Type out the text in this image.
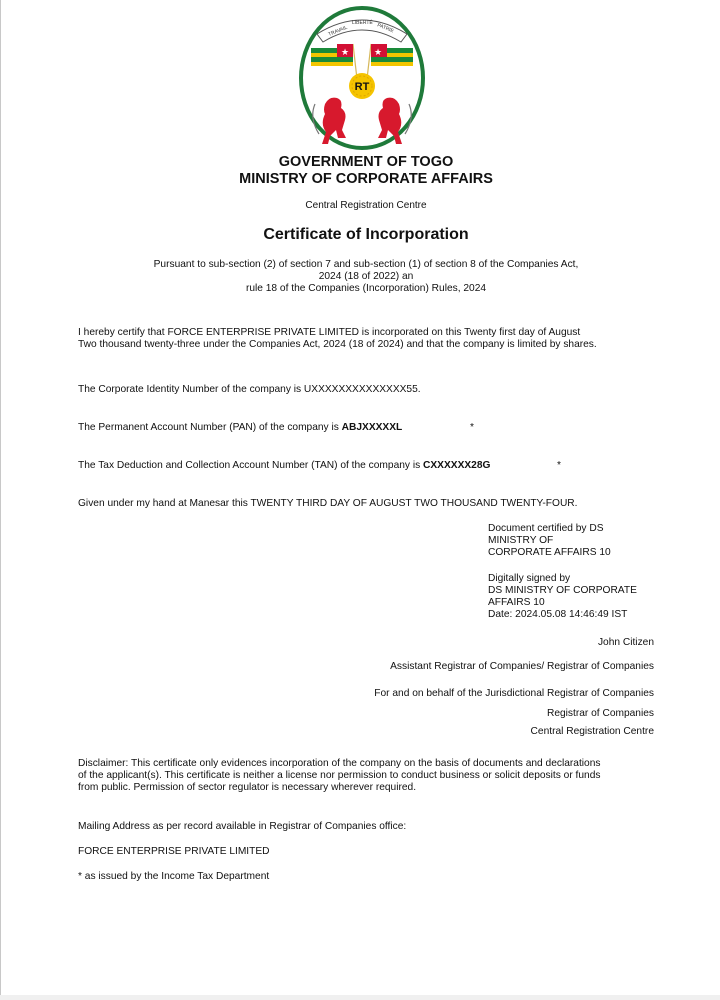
TRAVAIL
LIBERTÉ PATRIE
★	★
RT
GOVERNMENT OF TOGO
MINISTRY OF CORPORATE AFFAIRS
Central Registration Centre
Certificate of Incorporation
Pursuant to sub-section (2) of section 7 and sub-section (1) of section 8 of the Companies Act,
2024 (18 of 2022) an
rule 18 of the Companies (Incorporation) Rules, 2024
I hereby certify that FORCE ENTERPRISE PRIVATE LIMITED is incorporated on this Twenty first day of August
Two thousand twenty-three under the Companies Act, 2024 (18 of 2024) and that the company is limited by shares.
The Corporate Identity Number of the company is UXXXXXXXXXXXXXX55.
The Permanent Account Number (PAN) of the company is ABJXXXXXL	*
The Tax Deduction and Collection Account Number (TAN) of the company is CXXXXXX28G	*
Given under my hand at Manesar this TWENTY THIRD DAY OF AUGUST TWO THOUSAND TWENTY-FOUR.
Document certified by DS
MINISTRY OF
CORPORATE AFFAIRS 10
Digitally signed by
DS MINISTRY OF CORPORATE
AFFAIRS 10
Date: 2024.05.08 14:46:49 IST
John Citizen
Assistant Registrar of Companies/ Registrar of Companies
For and on behalf of the Jurisdictional Registrar of Companies
Registrar of Companies
Central Registration Centre
Disclaimer: This certificate only evidences incorporation of the company on the basis of documents and declarations
of the applicant(s). This certificate is neither a license nor permission to conduct business or solicit deposits or funds
from public. Permission of sector regulator is necessary wherever required.
Mailing Address as per record available in Registrar of Companies office:
FORCE ENTERPRISE PRIVATE LIMITED
* as issued by the Income Tax Department
